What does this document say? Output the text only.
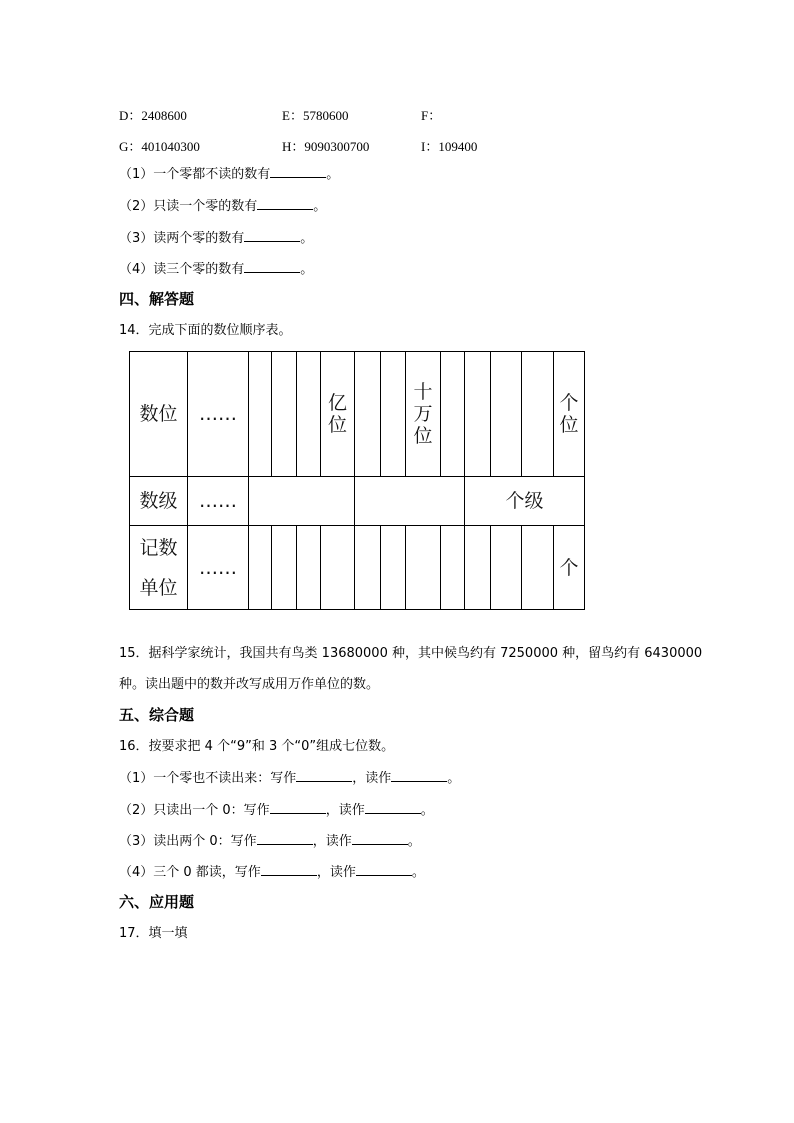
D：2408600	E：5780600	F：
G：401040300	H：9090300700	I：109400
（1）一个零都不读的数有	。
（2）只读一个零的数有	。
（3）读两个零的数有	。
（4）读三个零的数有	。
四、解答题
14．完成下面的数位顺序表。
数位	……				亿位			十万位					个位
数级	……									个级			
记数单位	……												个
15．据科学家统计，我国共有鸟类 13680000 种，其中候鸟约有 7250000 种，留鸟约有 6430000
种。读出题中的数并改写成用万作单位的数。
五、综合题
16．按要求把 4 个“9”和 3 个“0”组成七位数。
（1）一个零也不读出来：写作	，读作	。
（2）只读出一个 0：写作	，读作	。
（3）读出两个 0：写作	，读作	。
（4）三个 0 都读，写作	，读作	。
六、应用题
17．填一填
